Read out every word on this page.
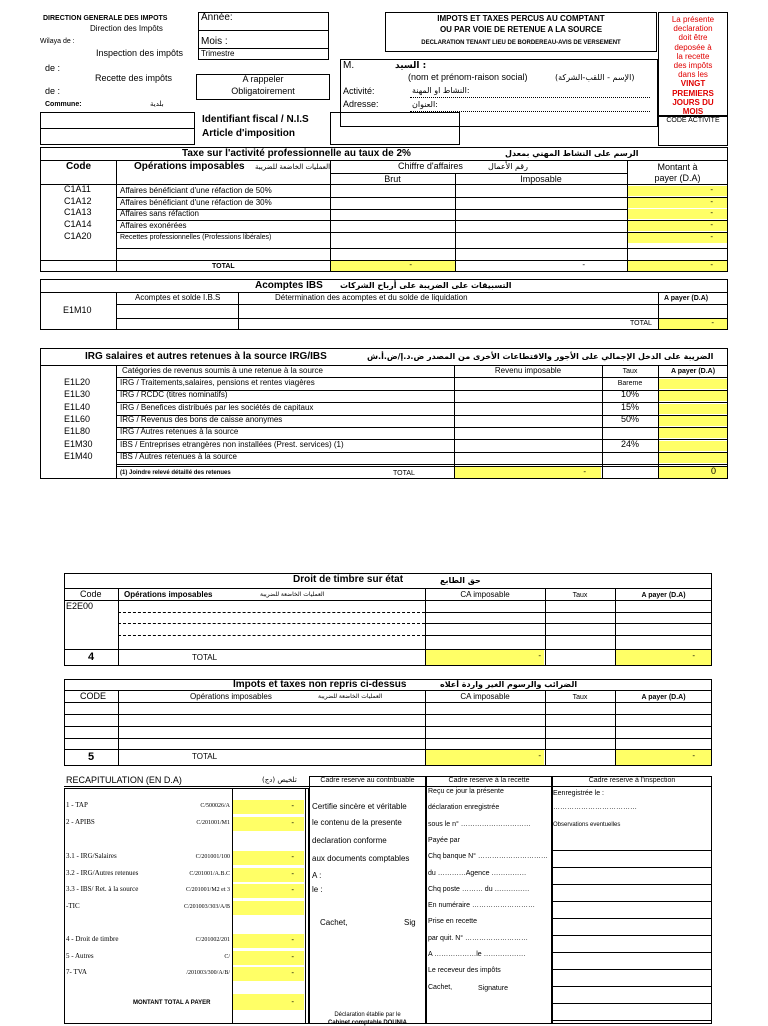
DIRECTION GENERALE DES IMPOTS
Direction des Impôts
Wilaya de :
Inspection des impôts
de :
Recette des impôts
de :
Commune:	بلدية
Année:
Mois :
Trimestre
A rappeler
Obligatoirement
Identifiant fiscal / N.I.S
Article d'imposition
IMPOTS ET TAXES PERCUS AU COMPTANT
OU PAR VOIE DE RETENUE A LA SOURCE
DECLARATION TENANT LIEU DE BORDEREAU-AVIS DE VERSEMENT
M.	السيد :
(nom et prénom-raison social)	(الإسم - اللقب-الشركة)
Activité:	النشاط او المهنة:
Adresse:	العنوان:
La présente
declaration
doit être
deposée à
la recette
des impôts
dans les
VINGT
PREMIERS
JOURS DU
MOIS
CODE ACTIVITE
Taxe sur l'activité professionnelle au taux de 2%	الرسم على النشاط المهني بمعدل
Code	Opérations imposables العمليات الخاضعة للضريبة	Chiffre d'affaires	رقم الأعمال
Brut	Imposable
Montant à
payer (D.A)
C1A11	Affaires bénéficiant d'une réfaction de 50%	-
C1A12	Affaires bénéficiant d'une réfaction de 30%	-
C1A13	Affaires sans réfaction	-
C1A14	Affaires exonérées	-
C1A20	Recettes professionnelles (Professions libérales)	-
TOTAL	-	-	-
Acomptes IBS التسبيقات على الضريبة على أرباح الشركات
Acomptes et solde I.B.S	Détermination des acomptes et du solde de liquidation	A payer (D.A)
E1M10
TOTAL	-
IRG salaires et autres retenues à la source IRG/IBS	الضريبة على الدخل الإجمالي على الأجور والاقتطاعات الأخرى من المصدر ض.د.إ/ض.أ.ش
Catégories de revenus soumis à une retenue à la source	Revenu imposable	Taux	A payer (D.A)
E1L20	IRG / Traitements,salaires, pensions et rentes viagères	Bareme
E1L30	IRG / RCDC (titres nominatifs)	10%
E1L40	IRG / Benefices distribués par les sociétés de capitaux	15%
E1L60	IRG / Revenus des bons de caisse anonymes	50%
E1L80	IRG / Autres retenues à la source
E1M30	IBS / Entreprises etrangères non installées (Prest. services) (1)	24%
E1M40	IBS / Autres retenues à la source
(1) Joindre relevé détaillé des retenues	TOTAL	-	0
Droit de timbre sur état	حق الطابع
Code	Opérations imposables	العمليات الخاضعة للضريبة	CA imposable	Taux	A payer (D.A)
E2E00
4	TOTAL	-	-
Impots et taxes non repris ci-dessus	الضرائب والرسوم الغير واردة أعلاه
CODE	Opérations imposables	العمليات الخاضعة للضريبة	CA imposable	Taux	A payer (D.A)
5	TOTAL	-	-
RECAPITULATION (EN D.A)	تلخيص (دج)
1 - TAP	C/500026/A	-
2 - APIBS	C/201001/M1	-
3.1 - IRG/Salaires	C/201001/100	-
3.2 - IRG/Autres retenues	C/201001/A.B.C	-
3.3 - IBS/ Ret. à la source	C/201001/M2 et 3	-
-TIC	C/201003/303/A/B
4 - Droit de timbre	C/201002/201	-
5 - Autres	C/	-
7- TVA	/201003/300/A/B/	-
MONTANT TOTAL A PAYER	-
Cadre reserve au contribuable
Certifie sincère et véritable
le contenu de la presente
declaration conforme
aux documents comptables
A :
le :
Cachet,	Sig
Déclaration établie par le
Cabinet comptable DOUNIA
Cadre reserve à la recette
Reçu ce jour la présente
déclaration enregistrée
sous le n° …………………………
Payée par
Chq banque N° …………………………
du …………Agence ……………
Chq poste ……… du ……………
En numéraire ………………………
Prise en recette
par quit. N° ………………………
A ………………le ………………
Le receveur des impôts
Cachet,	Signature
Cadre reserve à l'inspection
Eenregistrée le :
………………………………
Observations eventuelles
